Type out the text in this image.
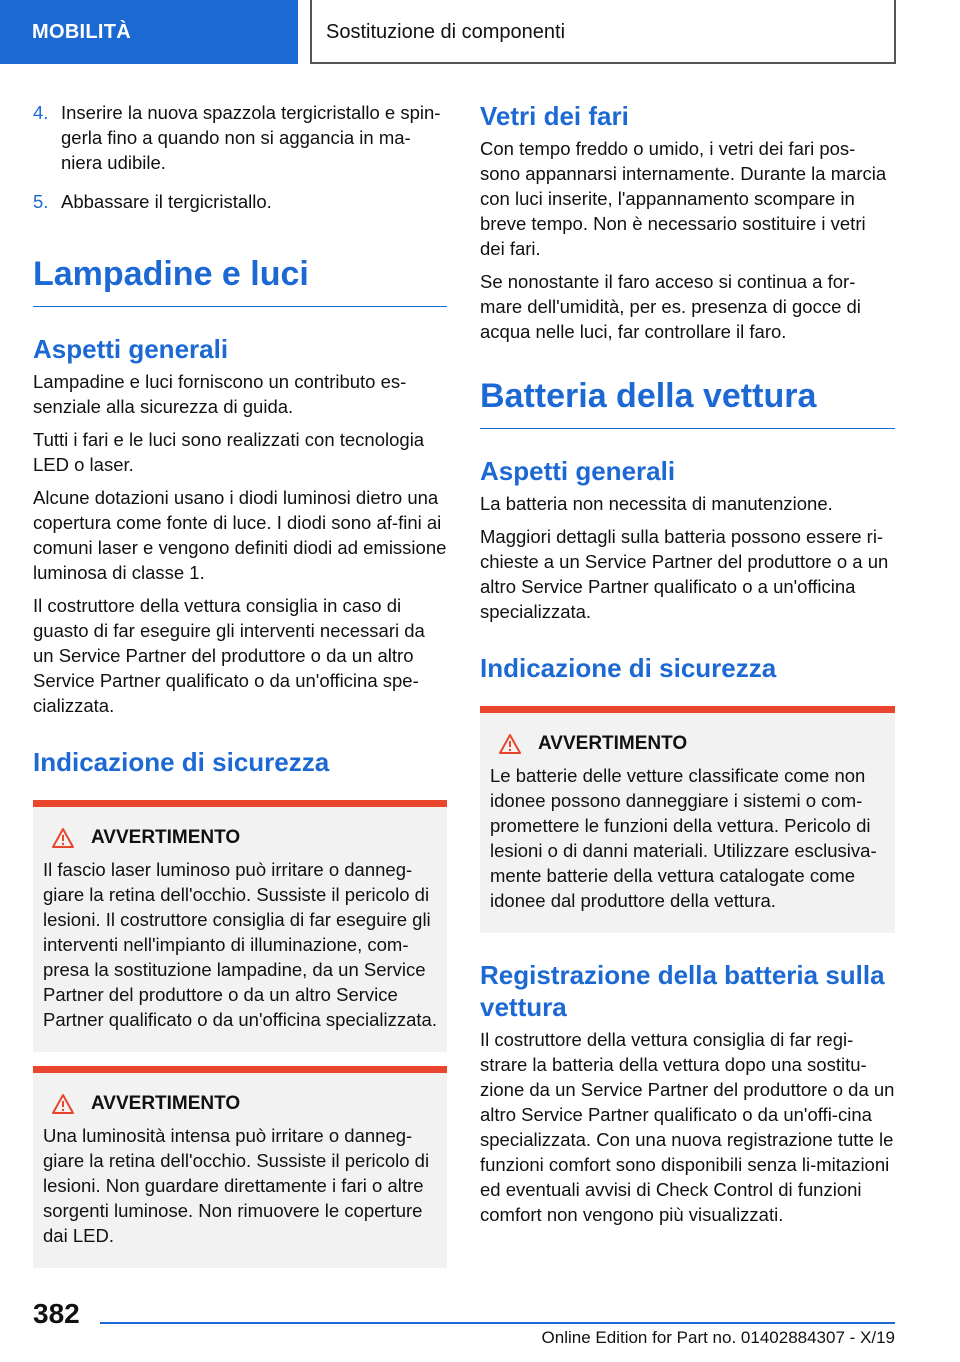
MOBILITÀ	Sostituzione di componenti
4. Inserire la nuova spazzola tergicristallo e spin-gerla fino a quando non si aggancia in ma-niera udibile.
5. Abbassare il tergicristallo.
Lampadine e luci
Aspetti generali

Lampadine e luci forniscono un contributo es-senziale alla sicurezza di guida.

Tutti i fari e le luci sono realizzati con tecnologia LED o laser.

Alcune dotazioni usano i diodi luminosi dietro una copertura come fonte di luce. I diodi sono af-fini ai comuni laser e vengono definiti diodi ad emissione luminosa di classe 1.

Il costruttore della vettura consiglia in caso di guasto di far eseguire gli interventi necessari da un Service Partner del produttore o da un altro Service Partner qualificato o da un'officina spe-cializzata.

Indicazione di sicurezza
AVVERTIMENTO

Il fascio laser luminoso può irritare o danneg-giare la retina dell'occhio. Sussiste il pericolo di lesioni. Il costruttore consiglia di far eseguire gli interventi nell'impianto di illuminazione, com-presa la sostituzione lampadine, da un Service Partner del produttore o da un altro Service Partner qualificato o da un'officina specializzata.

AVVERTIMENTO

Una luminosità intensa può irritare o danneg-giare la retina dell'occhio. Sussiste il pericolo di lesioni. Non guardare direttamente i fari o altre sorgenti luminose. Non rimuovere le coperture dai LED.

Vetri dei fari

Con tempo freddo o umido, i vetri dei fari pos-sono appannarsi internamente. Durante la marcia con luci inserite, l'appannamento scompare in breve tempo. Non è necessario sostituire i vetri dei fari.

Se nonostante il faro acceso si continua a for-mare dell'umidità, per es. presenza di gocce di acqua nelle luci, far controllare il faro.

Batteria della vettura
Aspetti generali

La batteria non necessita di manutenzione.

Maggiori dettagli sulla batteria possono essere ri-chieste a un Service Partner del produttore o a un altro Service Partner qualificato o a un'officina specializzata.

Indicazione di sicurezza
AVVERTIMENTO

Le batterie delle vetture classificate come non idonee possono danneggiare i sistemi o com-promettere le funzioni della vettura. Pericolo di lesioni o di danni materiali. Utilizzare esclusiva-mente batterie della vettura catalogate come idonee dal produttore della vettura.

Registrazione della batteria sulla vettura

Il costruttore della vettura consiglia di far regi-strare la batteria della vettura dopo una sostitu-zione da un Service Partner del produttore o da un altro Service Partner qualificato o da un'offi-cina specializzata. Con una nuova registrazione tutte le funzioni comfort sono disponibili senza li-mitazioni ed eventuali avvisi di Check Control di funzioni comfort non vengono più visualizzati.

382
Online Edition for Part no. 01402884307 - X/19
